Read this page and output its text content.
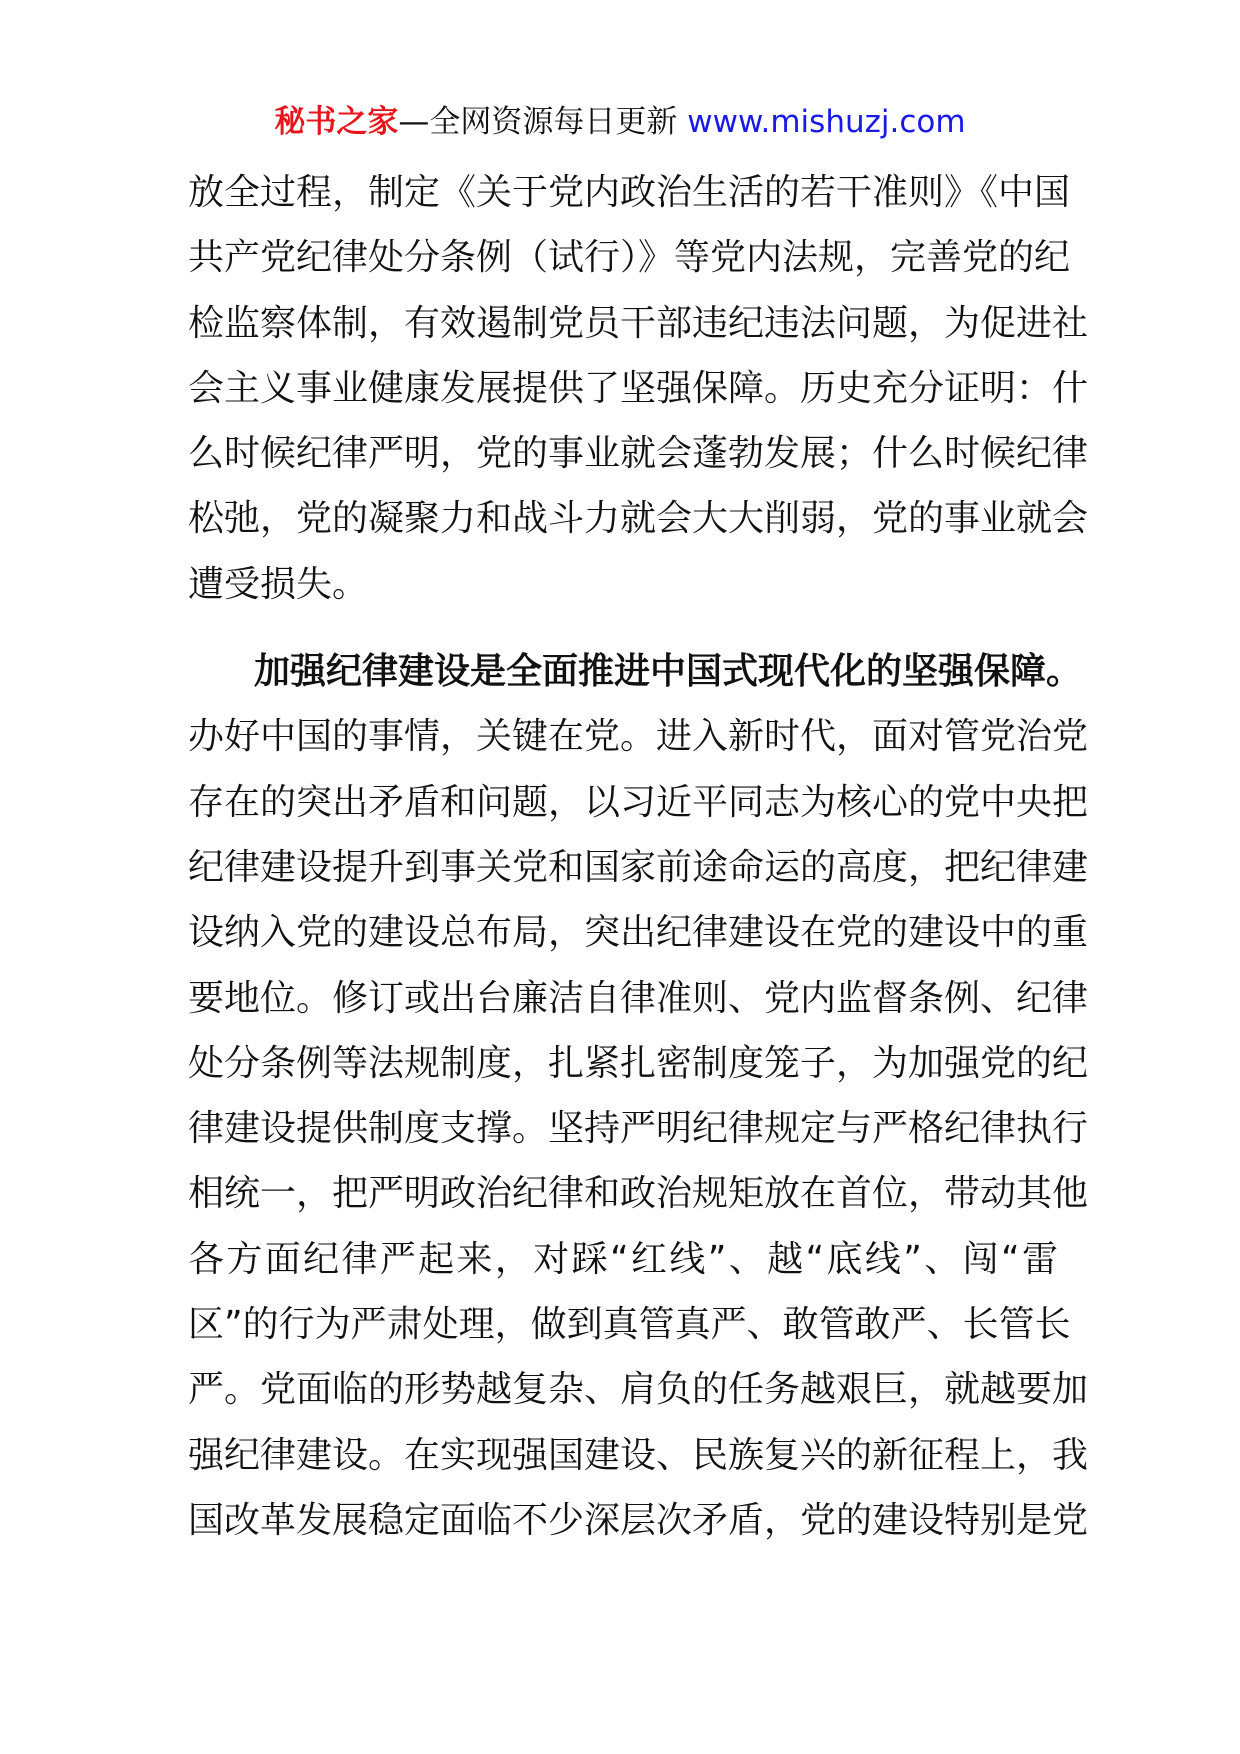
秘书之家—全网资源每日更新 www.mishuzj.com

放全过程，制定《关于党内政治生活的若干准则》《中国
共产党纪律处分条例（试行）》等党内法规，完善党的纪
检监察体制，有效遏制党员干部违纪违法问题，为促进社
会主义事业健康发展提供了坚强保障。历史充分证明：什
么时候纪律严明，党的事业就会蓬勃发展；什么时候纪律
松弛，党的凝聚力和战斗力就会大大削弱，党的事业就会
遭受损失。

加强纪律建设是全面推进中国式现代化的坚强保障。
办好中国的事情，关键在党。进入新时代，面对管党治党
存在的突出矛盾和问题，以习近平同志为核心的党中央把
纪律建设提升到事关党和国家前途命运的高度，把纪律建
设纳入党的建设总布局，突出纪律建设在党的建设中的重
要地位。修订或出台廉洁自律准则、党内监督条例、纪律
处分条例等法规制度，扎紧扎密制度笼子，为加强党的纪
律建设提供制度支撑。坚持严明纪律规定与严格纪律执行
相统一，把严明政治纪律和政治规矩放在首位，带动其他
各方面纪律严起来，对踩“红线”、越“底线”、闯“雷
区”的行为严肃处理，做到真管真严、敢管敢严、长管长
严。党面临的形势越复杂、肩负的任务越艰巨，就越要加
强纪律建设。在实现强国建设、民族复兴的新征程上，我
国改革发展稳定面临不少深层次矛盾，党的建设特别是党
